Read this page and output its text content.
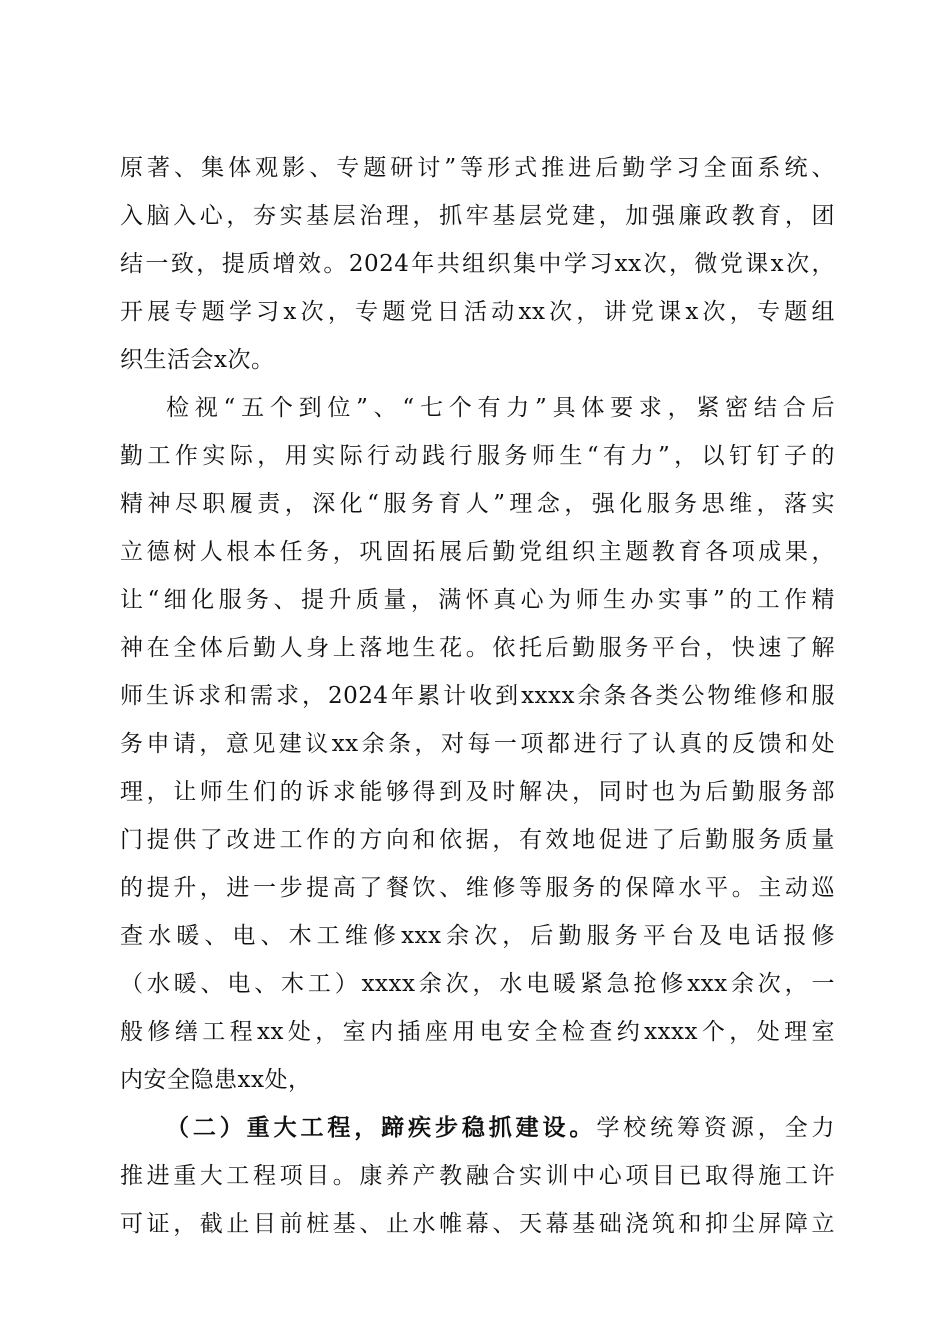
原著、集体观影、专题研讨”等形式推进后勤学习全面系统、
入脑入心，夯实基层治理，抓牢基层党建，加强廉政教育，团
结一致，提质增效。2024年共组织集中学习xx次，微党课x次，
开展专题学习x次，专题党日活动xx次，讲党课x次，专题组
织生活会x次。
检视“五个到位”、“七个有力”具体要求，紧密结合后
勤工作实际，用实际行动践行服务师生“有力”，以钉钉子的
精神尽职履责，深化“服务育人”理念，强化服务思维，落实
立德树人根本任务，巩固拓展后勤党组织主题教育各项成果，
让“细化服务、提升质量，满怀真心为师生办实事”的工作精
神在全体后勤人身上落地生花。依托后勤服务平台，快速了解
师生诉求和需求，2024年累计收到xxxx余条各类公物维修和服
务申请，意见建议xx余条，对每一项都进行了认真的反馈和处
理，让师生们的诉求能够得到及时解决，同时也为后勤服务部
门提供了改进工作的方向和依据，有效地促进了后勤服务质量
的提升，进一步提高了餐饮、维修等服务的保障水平。主动巡
查水暖、电、木工维修xxx余次，后勤服务平台及电话报修
（水暖、电、木工）xxxx余次，水电暖紧急抢修xxx余次，一
般修缮工程xx处，室内插座用电安全检查约xxxx个，处理室
内安全隐患xx处，
（二）重大工程，蹄疾步稳抓建设。学校统筹资源，全力
推进重大工程项目。康养产教融合实训中心项目已取得施工许
可证，截止目前桩基、止水帷幕、天幕基础浇筑和抑尘屏障立
